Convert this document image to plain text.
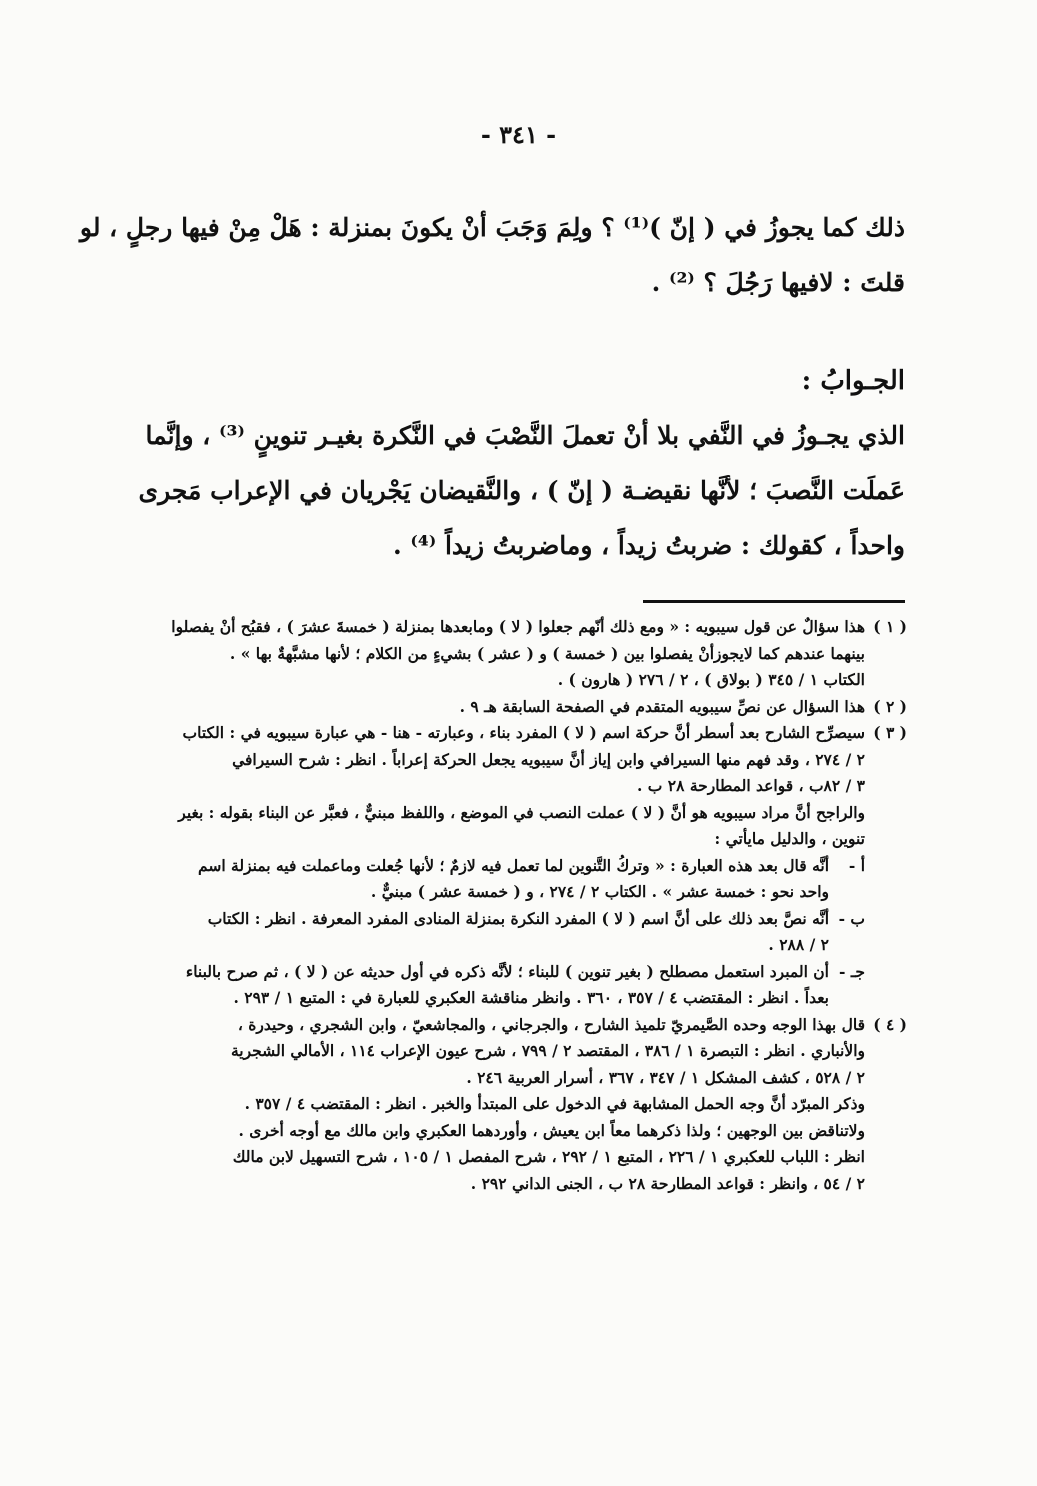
- ٣٤١ -
ذلك كما يجوزُ في ( إنّ )⁽¹⁾ ؟ ولِمَ وَجَبَ أنْ يكونَ بمنزلة : هَلْ مِنْ فيها رجلٍ ، لو
قلتَ : لافيها رَجُلَ ؟ ⁽²⁾ .
الجـوابُ :
الذي يجـوزُ في النَّفي بلا أنْ تعملَ النَّصْبَ في النَّكرة بغيـر تنوينٍ ⁽³⁾ ، وإنَّما
عَملَت النَّصبَ ؛ لأنَّها نقيضـة ( إنّ ) ، والنَّقيضان يَجْريان في الإعراب مَجرى
واحداً ، كقولك : ضربتُ زيداً ، وماضربتُ زيداً ⁽⁴⁾ .
( ١ )
هذا سؤالٌ عن قول سيبويه : « ومع ذلك أنّهم جعلوا ( لا ) ومابعدها بمنزلة ( خمسةَ عشرَ ) ، فقبُح أنْ يفصلوا
بينهما عندهم كما لايجوزأنْ يفصلوا بين ( خمسة ) و ( عشر ) بشيءٍ من الكلام ؛ لأنها مشبَّهةٌ بها » .
الكتاب ١ / ٣٤٥ ( بولاق ) ، ٢ / ٢٧٦ ( هارون ) .
( ٢ )
هذا السؤال عن نصِّ سيبويه المتقدم في الصفحة السابقة هـ ٩ .
( ٣ )
سيصرِّح الشارح بعد أسطر أنَّ حركة اسم ( لا ) المفرد بناء ، وعبارته - هنا - هي عبارة سيبويه في : الكتاب
٢ / ٢٧٤ ، وقد فهم منها السيرافي وابن إياز أنَّ سيبويه يجعل الحركة إعراباً . انظر : شرح السيرافي
٣ / ٨٢ب ، قواعد المطارحة ٢٨ ب .
والراجح أنَّ مراد سيبويه هو أنَّ ( لا ) عملت النصب في الموضع ، واللفظ مبنيٌّ ، فعبَّر عن البناء بقوله : بغير
تنوين ، والدليل مايأتي :
أ -
أنَّه قال بعد هذه العبارة : « وتركُ التَّنوين لما تعمل فيه لازمٌ ؛ لأنها جُعلت وماعملت فيه بمنزلة اسم
واحد نحو : خمسة عشر » . الكتاب ٢ / ٢٧٤ ، و ( خمسة عشر ) مبنيٌّ .
ب -
أنَّه نصَّ بعد ذلك على أنَّ اسم ( لا ) المفرد النكرة بمنزلة المنادى المفرد المعرفة . انظر : الكتاب
٢ / ٢٨٨ .
جـ -
أن المبرد استعمل مصطلح ( بغير تنوين ) للبناء ؛ لأنَّه ذكره في أول حديثه عن ( لا ) ، ثم صرح بالبناء
بعداً . انظر : المقتضب ٤ / ٣٥٧ ، ٣٦٠ . وانظر مناقشة العكبري للعبارة في : المتبع ١ / ٢٩٣ .
( ٤ )
قال بهذا الوجه وحده الصَّيمريّ تلميذ الشارح ، والجرجاني ، والمجاشعيّ ، وابن الشجري ، وحيدرة ،
والأنباري . انظر : التبصرة ١ / ٣٨٦ ، المقتصد ٢ / ٧٩٩ ، شرح عيون الإعراب ١١٤ ، الأمالي الشجرية
٢ / ٥٢٨ ، كشف المشكل ١ / ٣٤٧ ، ٣٦٧ ، أسرار العربية ٢٤٦ .
وذكر المبرّد أنَّ وجه الحمل المشابهة في الدخول على المبتدأ والخبر . انظر : المقتضب ٤ / ٣٥٧ .
ولاتناقض بين الوجهين ؛ ولذا ذكرهما معاً ابن يعيش ، وأوردهما العكبري وابن مالك مع أوجه أخرى .
انظر : اللباب للعكبري ١ / ٢٢٦ ، المتبع ١ / ٢٩٢ ، شرح المفصل ١ / ١٠٥ ، شرح التسهيل لابن مالك
٢ / ٥٤ ، وانظر : قواعد المطارحة ٢٨ ب ، الجنى الداني ٢٩٢ .
